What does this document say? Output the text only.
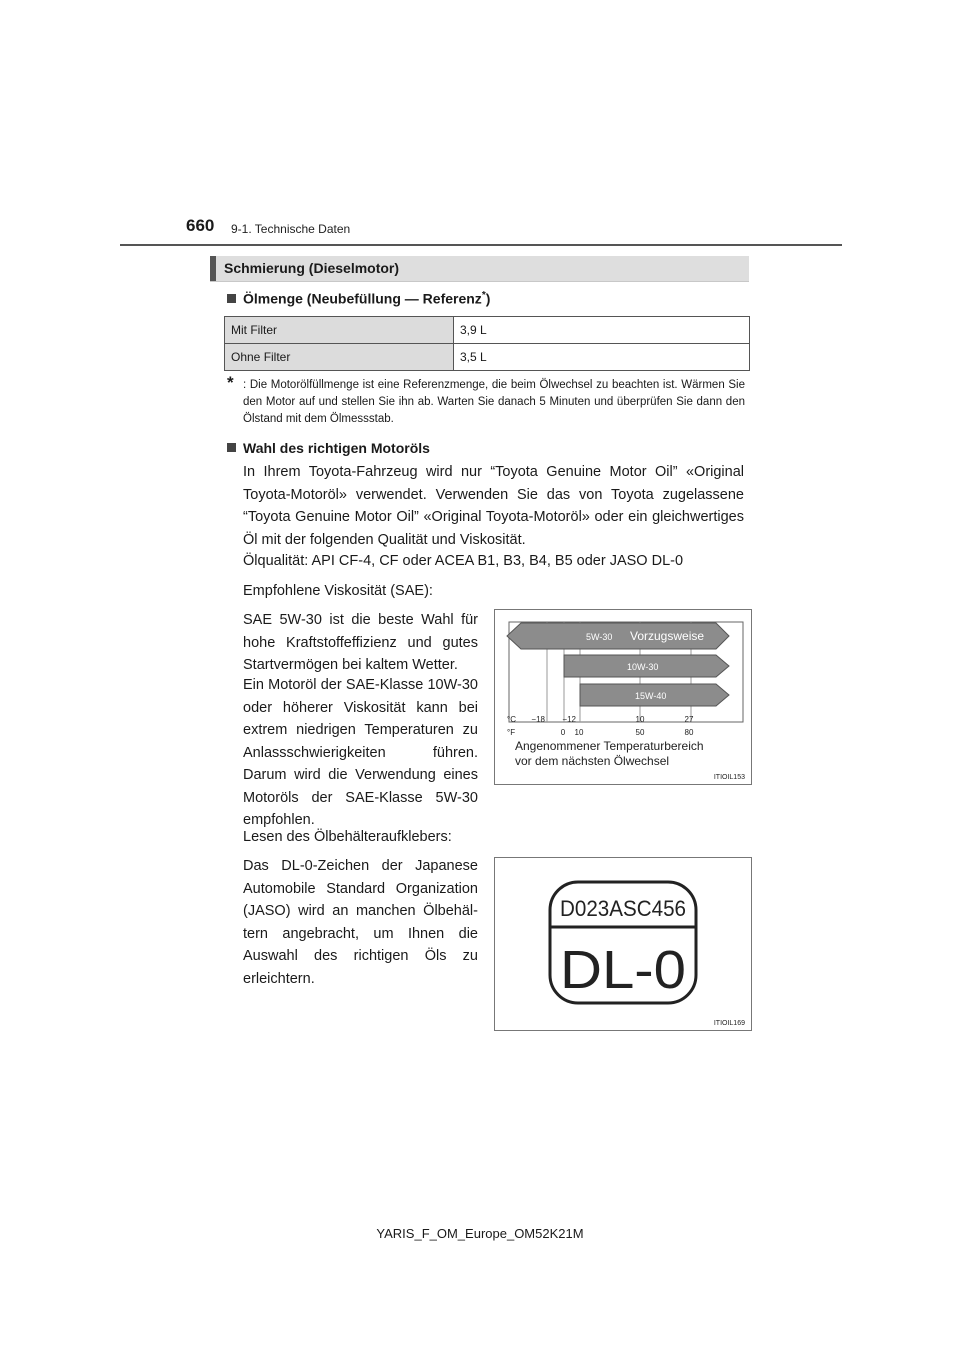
660 9-1. Technische Daten
Schmierung (Dieselmotor)
Ölmenge (Neubefüllung — Referenz*)
Mit Filter	3,9 L
Ohne Filter	3,5 L
* : Die Motorölfüllmenge ist eine Referenzmenge, die beim Ölwechsel zu beachten ist. Wärmen Sie den Motor auf und stellen Sie ihn ab. Warten Sie danach 5 Minuten und überprüfen Sie dann den Ölstand mit dem Ölmessstab.
Wahl des richtigen Motoröls
In Ihrem Toyota-Fahrzeug wird nur “Toyota Genuine Motor Oil” «Original Toyota-Motoröl» verwendet. Verwenden Sie das von Toyota zugelassene “Toyota Genuine Motor Oil” «Original Toyota-Motoröl» oder ein gleichwertiges Öl mit der folgenden Qualität und Viskosität.
Ölqualität: API CF-4, CF oder ACEA B1, B3, B4, B5 oder JASO DL-0
Empfohlene Viskosität (SAE):
SAE 5W-30 ist die beste Wahl für hohe Kraftstoffeffizienz und gutes Startvermögen bei kaltem Wetter.
Ein Motoröl der SAE-Klasse 10W-30 oder höherer Viskosität kann bei extrem niedrigen Temperaturen zu Anlassschwierigkeiten führen. Darum wird die Verwendung eines Motoröls der SAE-Klasse 5W-30 empfohlen.
Lesen des Ölbehälteraufklebers:
Das DL-0-Zeichen der Japanese Automobile Standard Organization (JASO) wird an manchen Ölbehältern angebracht, um Ihnen die Auswahl des richtigen Öls zu erleichtern.
5W-30 Vorzugsweise
10W-30
15W-40
°C −18 −12	10	27
°F	0 10	50	80
Angenommener Temperaturbereich
vor dem nächsten Ölwechsel
ITIOIL153
D023ASC456
DL-0
ITIOIL169
YARIS_F_OM_Europe_OM52K21M
